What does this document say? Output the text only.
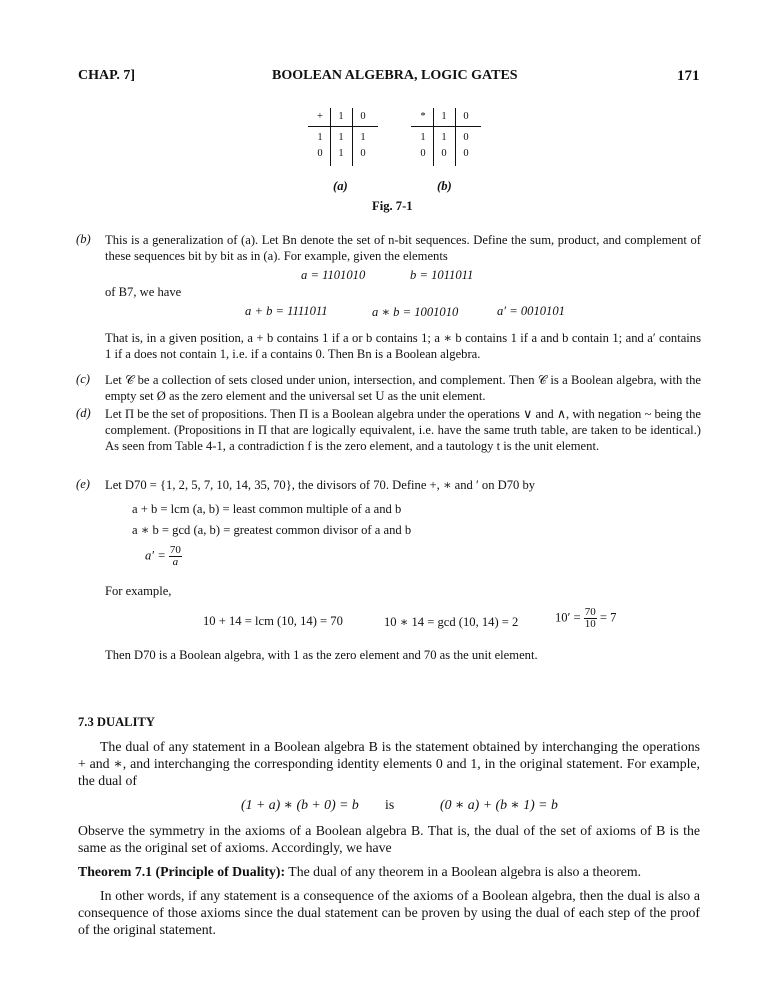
CHAP. 7]	BOOLEAN ALGEBRA, LOGIC GATES	171
+	1	0
1	1	1
0	1	0
(a)
*	1	0
1	1	0
0	0	0
(b)
Fig. 7-1
(b) This is a generalization of (a). Let Bn denote the set of n-bit sequences. Define the sum, product, and complement of these sequences bit by bit as in (a). For example, given the elements
a = 1101010	b = 1011011
of B7, we have
a + b = 1111011	a ∗ b = 1001010	a′ = 0010101
That is, in a given position, a + b contains 1 if a or b contains 1; a ∗ b contains 1 if a and b contain 1; and a′ contains 1 if a does not contain 1, i.e. if a contains 0. Then Bn is a Boolean algebra.
(c) Let 𝒞 be a collection of sets closed under union, intersection, and complement. Then 𝒞 is a Boolean algebra, with the empty set Ø as the zero element and the universal set U as the unit element.
(d) Let Π be the set of propositions. Then Π is a Boolean algebra under the operations ∨ and ∧, with negation ~ being the complement. (Propositions in Π that are logically equivalent, i.e. have the same truth table, are taken to be identical.) As seen from Table 4-1, a contradiction f is the zero element, and a tautology t is the unit element.
(e) Let D70 = {1, 2, 5, 7, 10, 14, 35, 70}, the divisors of 70. Define +, ∗ and ′ on D70 by
a + b = lcm (a, b) = least common multiple of a and b
a ∗ b = gcd (a, b) = greatest common divisor of a and b
$a' = \frac{70}{a}$
For example,
10 + 14 = lcm (10, 14) = 70	10 ∗ 14 = gcd (10, 14) = 2	$10' = \frac{70}{10} = 7$
Then D70 is a Boolean algebra, with 1 as the zero element and 70 as the unit element.
7.3 DUALITY
The dual of any statement in a Boolean algebra B is the statement obtained by interchanging the operations + and ∗, and interchanging the corresponding identity elements 0 and 1, in the original statement. For example, the dual of
(1 + a) ∗ (b + 0) = b is	(0 ∗ a) + (b ∗ 1) = b
Observe the symmetry in the axioms of a Boolean algebra B. That is, the dual of the set of axioms of B is the same as the original set of axioms. Accordingly, we have
Theorem 7.1 (Principle of Duality): The dual of any theorem in a Boolean algebra is also a theorem.
In other words, if any statement is a consequence of the axioms of a Boolean algebra, then the dual is also a consequence of those axioms since the dual statement can be proven by using the dual of each step of the proof of the original statement.
